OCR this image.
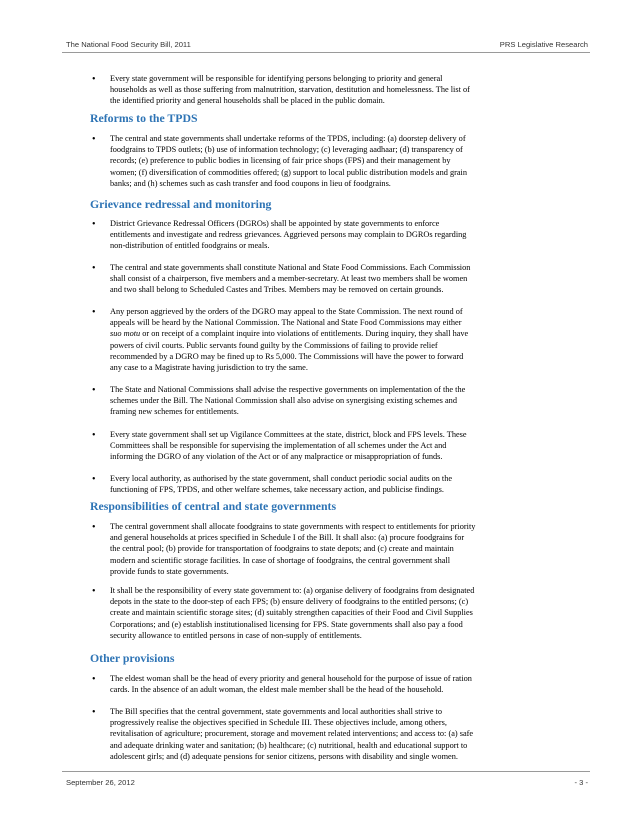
The National Food Security Bill, 2011	PRS Legislative Research
• Every state government will be responsible for identifying persons belonging to priority and general
households as well as those suffering from malnutrition, starvation, destitution and homelessness. The list of
the identified priority and general households shall be placed in the public domain.
Reforms to the TPDS
• The central and state governments shall undertake reforms of the TPDS, including: (a) doorstep delivery of
foodgrains to TPDS outlets; (b) use of information technology; (c) leveraging aadhaar; (d) transparency of
records; (e) preference to public bodies in licensing of fair price shops (FPS) and their management by
women; (f) diversification of commodities offered; (g) support to local public distribution models and grain
banks; and (h) schemes such as cash transfer and food coupons in lieu of foodgrains.
Grievance redressal and monitoring
• District Grievance Redressal Officers (DGROs) shall be appointed by state governments to enforce
entitlements and investigate and redress grievances. Aggrieved persons may complain to DGROs regarding
non-distribution of entitled foodgrains or meals.
• The central and state governments shall constitute National and State Food Commissions. Each Commission
shall consist of a chairperson, five members and a member-secretary. At least two members shall be women
and two shall belong to Scheduled Castes and Tribes. Members may be removed on certain grounds.
• Any person aggrieved by the orders of the DGRO may appeal to the State Commission. The next round of
appeals will be heard by the National Commission. The National and State Food Commissions may either
suo motu or on receipt of a complaint inquire into violations of entitlements. During inquiry, they shall have
powers of civil courts. Public servants found guilty by the Commissions of failing to provide relief
recommended by a DGRO may be fined up to Rs 5,000. The Commissions will have the power to forward
any case to a Magistrate having jurisdiction to try the same.
• The State and National Commissions shall advise the respective governments on implementation of the the
schemes under the Bill. The National Commission shall also advise on synergising existing schemes and
framing new schemes for entitlements.
• Every state government shall set up Vigilance Committees at the state, district, block and FPS levels. These
Committees shall be responsible for supervising the implementation of all schemes under the Act and
informing the DGRO of any violation of the Act or of any malpractice or misappropriation of funds.
• Every local authority, as authorised by the state government, shall conduct periodic social audits on the
functioning of FPS, TPDS, and other welfare schemes, take necessary action, and publicise findings.
Responsibilities of central and state governments
• The central government shall allocate foodgrains to state governments with respect to entitlements for priority
and general households at prices specified in Schedule I of the Bill. It shall also: (a) procure foodgrains for
the central pool; (b) provide for transportation of foodgrains to state depots; and (c) create and maintain
modern and scientific storage facilities. In case of shortage of foodgrains, the central government shall
provide funds to state governments.
• It shall be the responsibility of every state government to: (a) organise delivery of foodgrains from designated
depots in the state to the door-step of each FPS; (b) ensure delivery of foodgrains to the entitled persons; (c)
create and maintain scientific storage sites; (d) suitably strengthen capacities of their Food and Civil Supplies
Corporations; and (e) establish institutionalised licensing for FPS. State governments shall also pay a food
security allowance to entitled persons in case of non-supply of entitlements.
Other provisions
• The eldest woman shall be the head of every priority and general household for the purpose of issue of ration
cards. In the absence of an adult woman, the eldest male member shall be the head of the household.
• The Bill specifies that the central government, state governments and local authorities shall strive to
progressively realise the objectives specified in Schedule III. These objectives include, among others,
revitalisation of agriculture; procurement, storage and movement related interventions; and access to: (a) safe
and adequate drinking water and sanitation; (b) healthcare; (c) nutritional, health and educational support to
adolescent girls; and (d) adequate pensions for senior citizens, persons with disability and single women.
September 26, 2012	- 3 -
